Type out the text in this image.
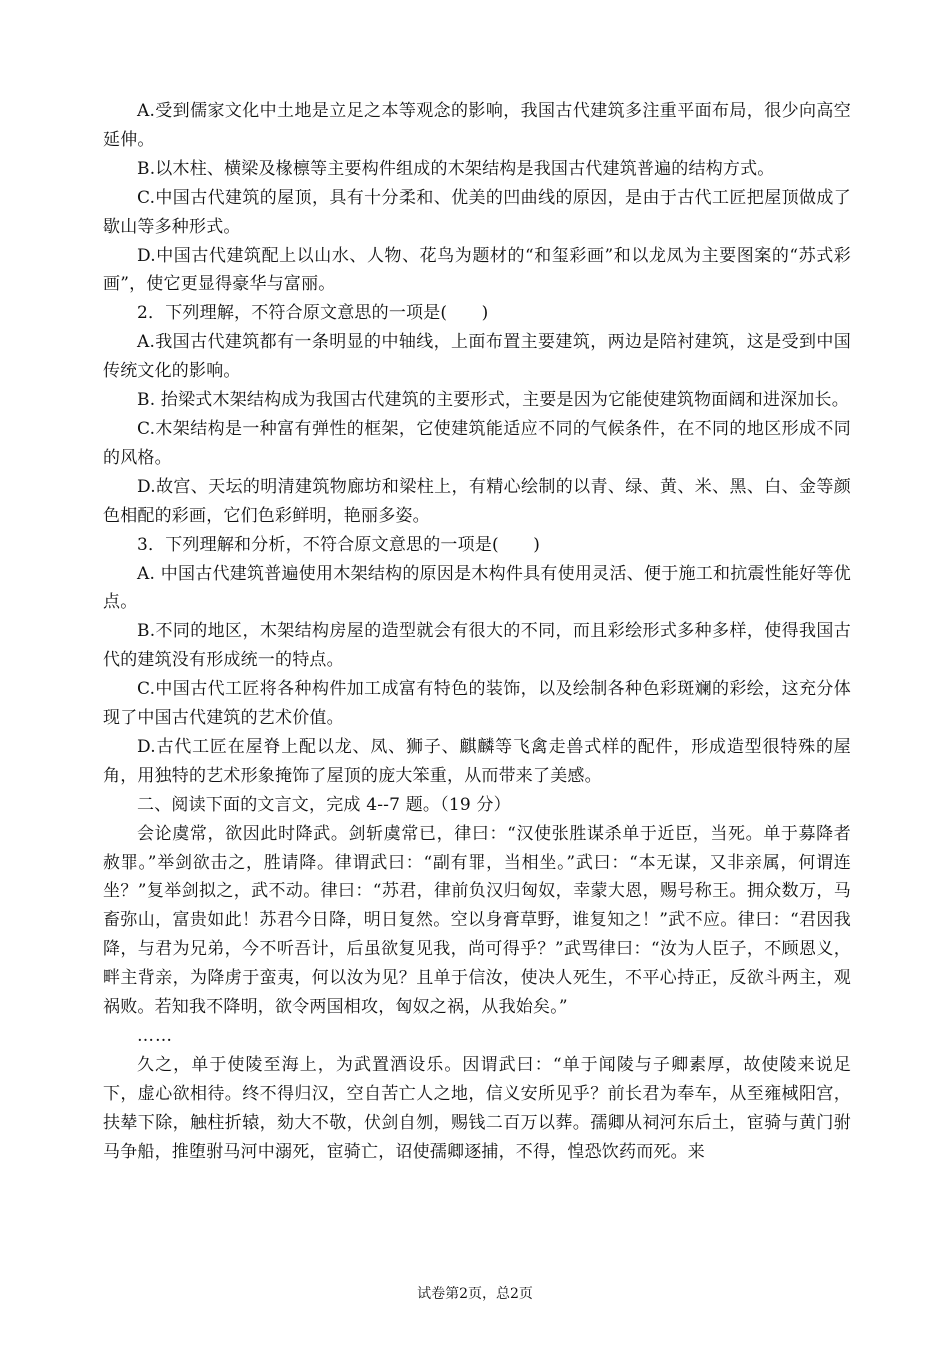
A.受到儒家文化中土地是立足之本等观念的影响，我国古代建筑多注重平面布局，很少向高空延伸。

B.以木柱、横梁及椽檩等主要构件组成的木架结构是我国古代建筑普遍的结构方式。

C.中国古代建筑的屋顶，具有十分柔和、优美的凹曲线的原因，是由于古代工匠把屋顶做成了歇山等多种形式。

D.中国古代建筑配上以山水、人物、花鸟为题材的“和玺彩画”和以龙凤为主要图案的“苏式彩画”，使它更显得豪华与富丽。

2．下列理解，不符合原文意思的一项是(　　)

A.我国古代建筑都有一条明显的中轴线，上面布置主要建筑，两边是陪衬建筑，这是受到中国传统文化的影响。

B. 抬梁式木架结构成为我国古代建筑的主要形式，主要是因为它能使建筑物面阔和进深加长。

C.木架结构是一种富有弹性的框架，它使建筑能适应不同的气候条件，在不同的地区形成不同的风格。

D.故宫、天坛的明清建筑物廊坊和梁柱上，有精心绘制的以青、绿、黄、米、黑、白、金等颜色相配的彩画，它们色彩鲜明，艳丽多姿。

3．下列理解和分析，不符合原文意思的一项是(　　)

A. 中国古代建筑普遍使用木架结构的原因是木构件具有使用灵活、便于施工和抗震性能好等优点。

B.不同的地区，木架结构房屋的造型就会有很大的不同，而且彩绘形式多种多样，使得我国古代的建筑没有形成统一的特点。

C.中国古代工匠将各种构件加工成富有特色的装饰，以及绘制各种色彩斑斓的彩绘，这充分体现了中国古代建筑的艺术价值。

D.古代工匠在屋脊上配以龙、凤、狮子、麒麟等飞禽走兽式样的配件，形成造型很特殊的屋角，用独特的艺术形象掩饰了屋顶的庞大笨重，从而带来了美感。

二、阅读下面的文言文，完成 4--7 题。（19 分）

会论虞常，欲因此时降武。剑斩虞常已，律曰：“汉使张胜谋杀单于近臣，当死。单于募降者赦罪。”举剑欲击之，胜请降。律谓武曰：“副有罪，当相坐。”武曰：“本无谋，又非亲属，何谓连坐？”复举剑拟之，武不动。律曰：“苏君，律前负汉归匈奴，幸蒙大恩，赐号称王。拥众数万，马畜弥山，富贵如此！苏君今日降，明日复然。空以身膏草野，谁复知之！”武不应。律曰：“君因我降，与君为兄弟，今不听吾计，后虽欲复见我，尚可得乎？”武骂律曰：“汝为人臣子，不顾恩义，畔主背亲，为降虏于蛮夷，何以汝为见？且单于信汝，使决人死生，不平心持正，反欲斗两主，观祸败。若知我不降明，欲令两国相攻，匈奴之祸，从我始矣。”

……

久之，单于使陵至海上，为武置酒设乐。因谓武曰：“单于闻陵与子卿素厚，故使陵来说足下，虚心欲相待。终不得归汉，空自苦亡人之地，信义安所见乎？前长君为奉车，从至雍棫阳宫，扶辇下除，触柱折辕，劾大不敬，伏剑自刎，赐钱二百万以葬。孺卿从祠河东后土，宦骑与黄门驸马争船，推堕驸马河中溺死，宦骑亡，诏使孺卿逐捕，不得，惶恐饮药而死。来

试卷第2页，总2页
